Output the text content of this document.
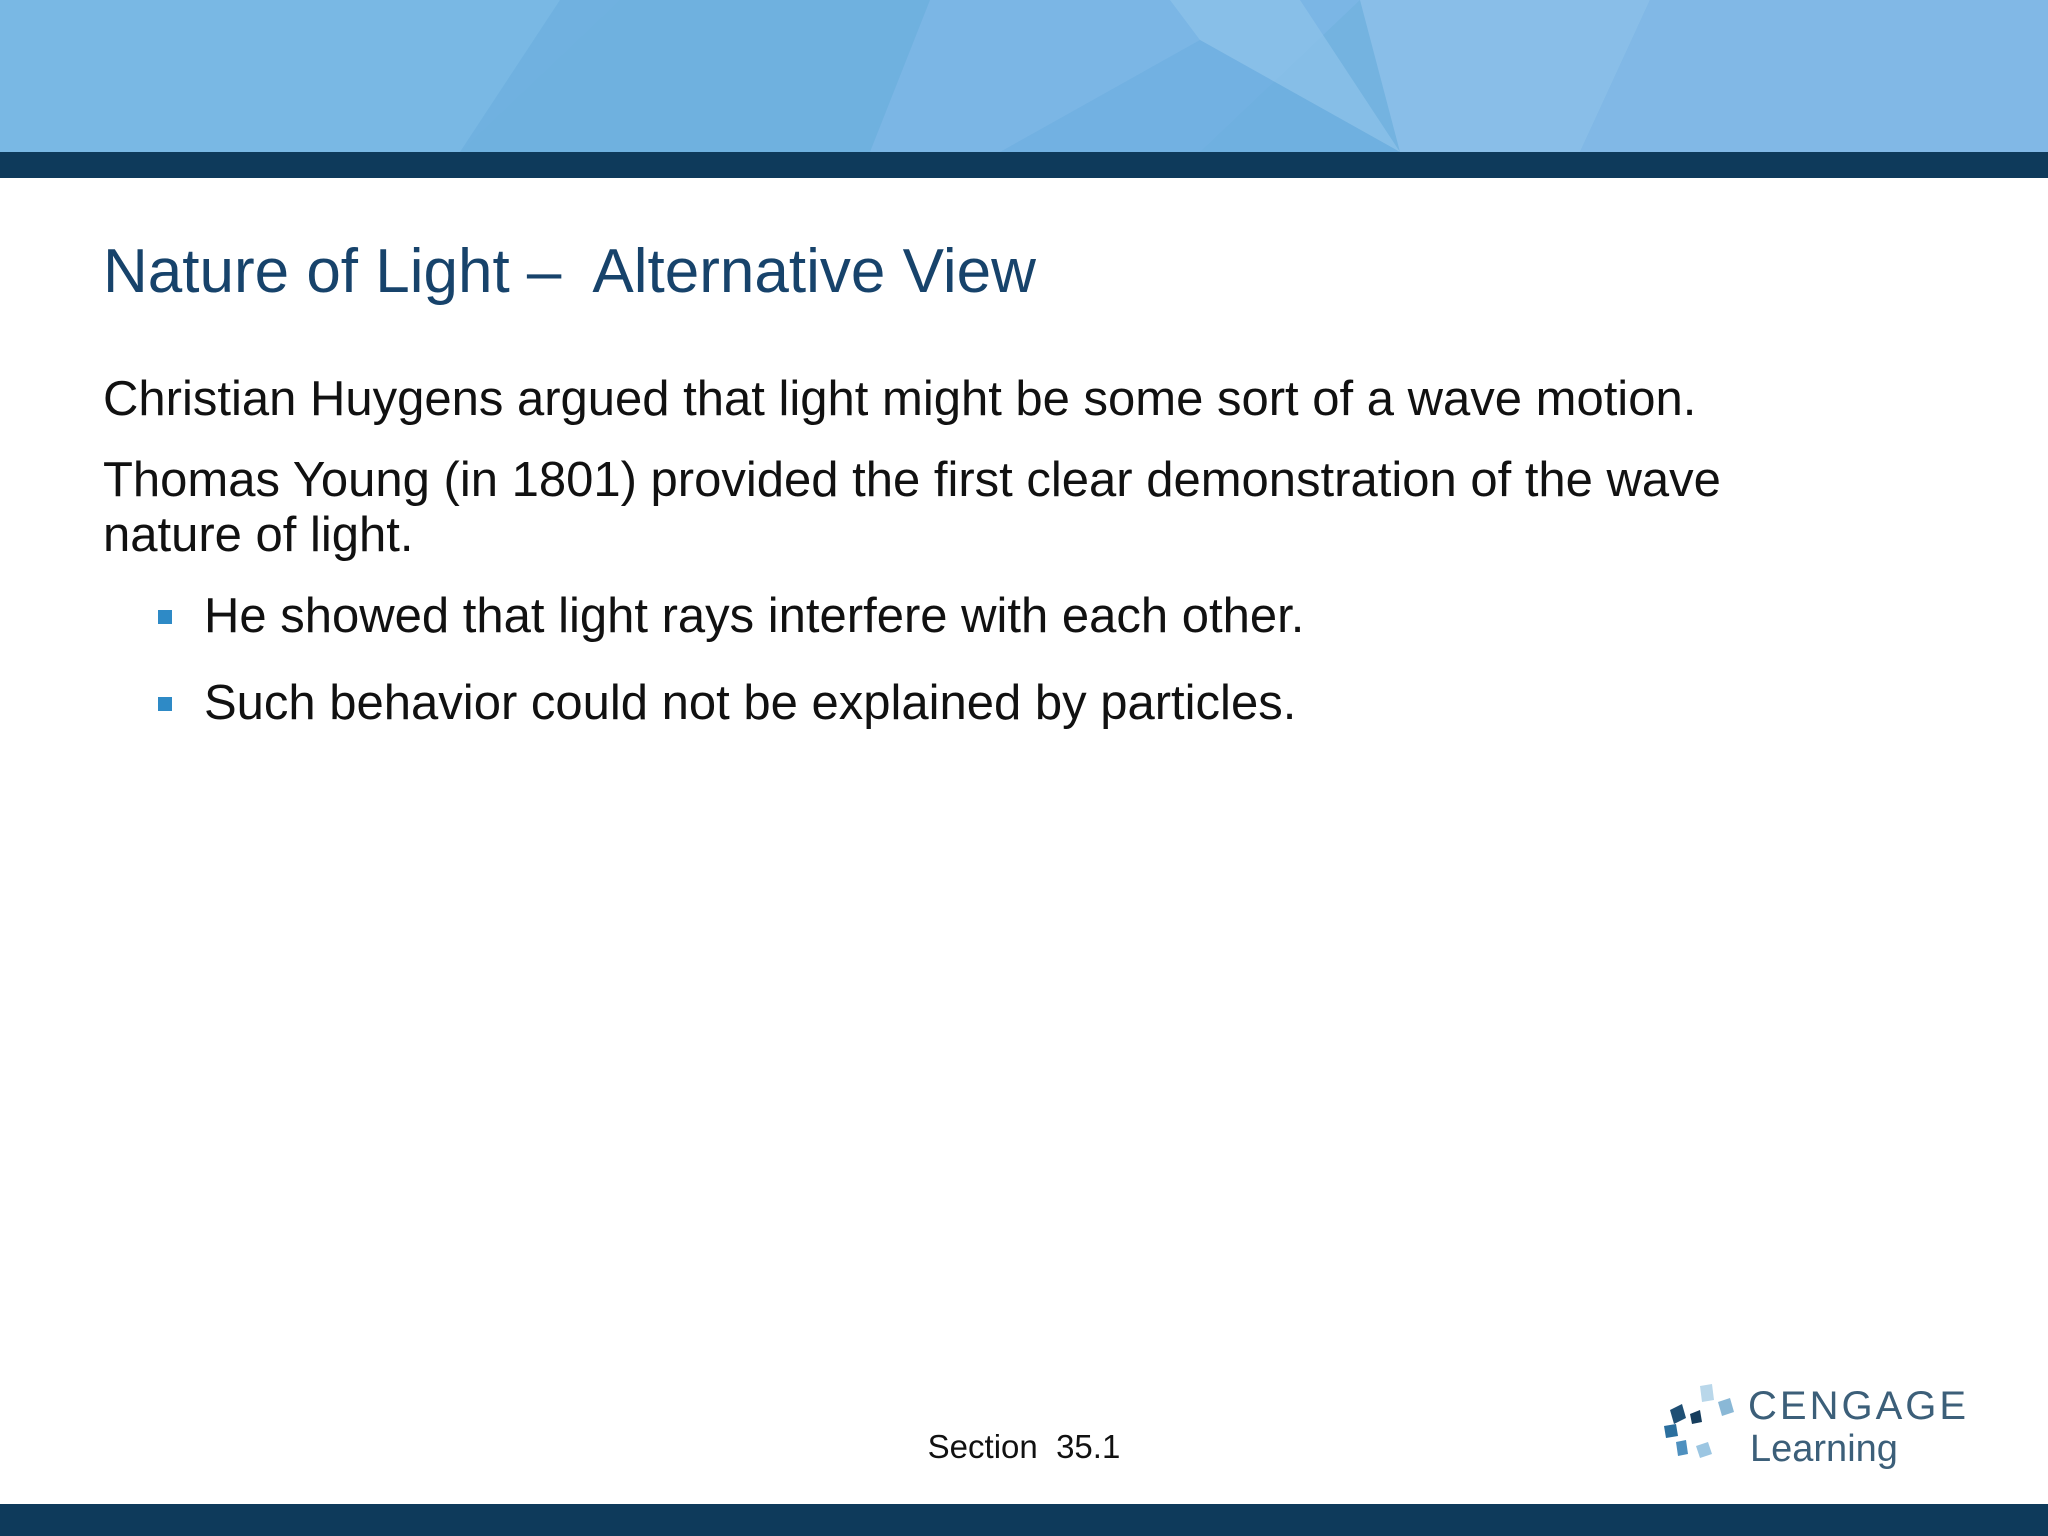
Nature of Light –  Alternative View

Christian Huygens argued that light might be some sort of a wave motion.

Thomas Young (in 1801) provided the first clear demonstration of the wave nature of light.

He showed that light rays interfere with each other.
Such behavior could not be explained by particles.
Section  35.1
CENGAGE
Learning
